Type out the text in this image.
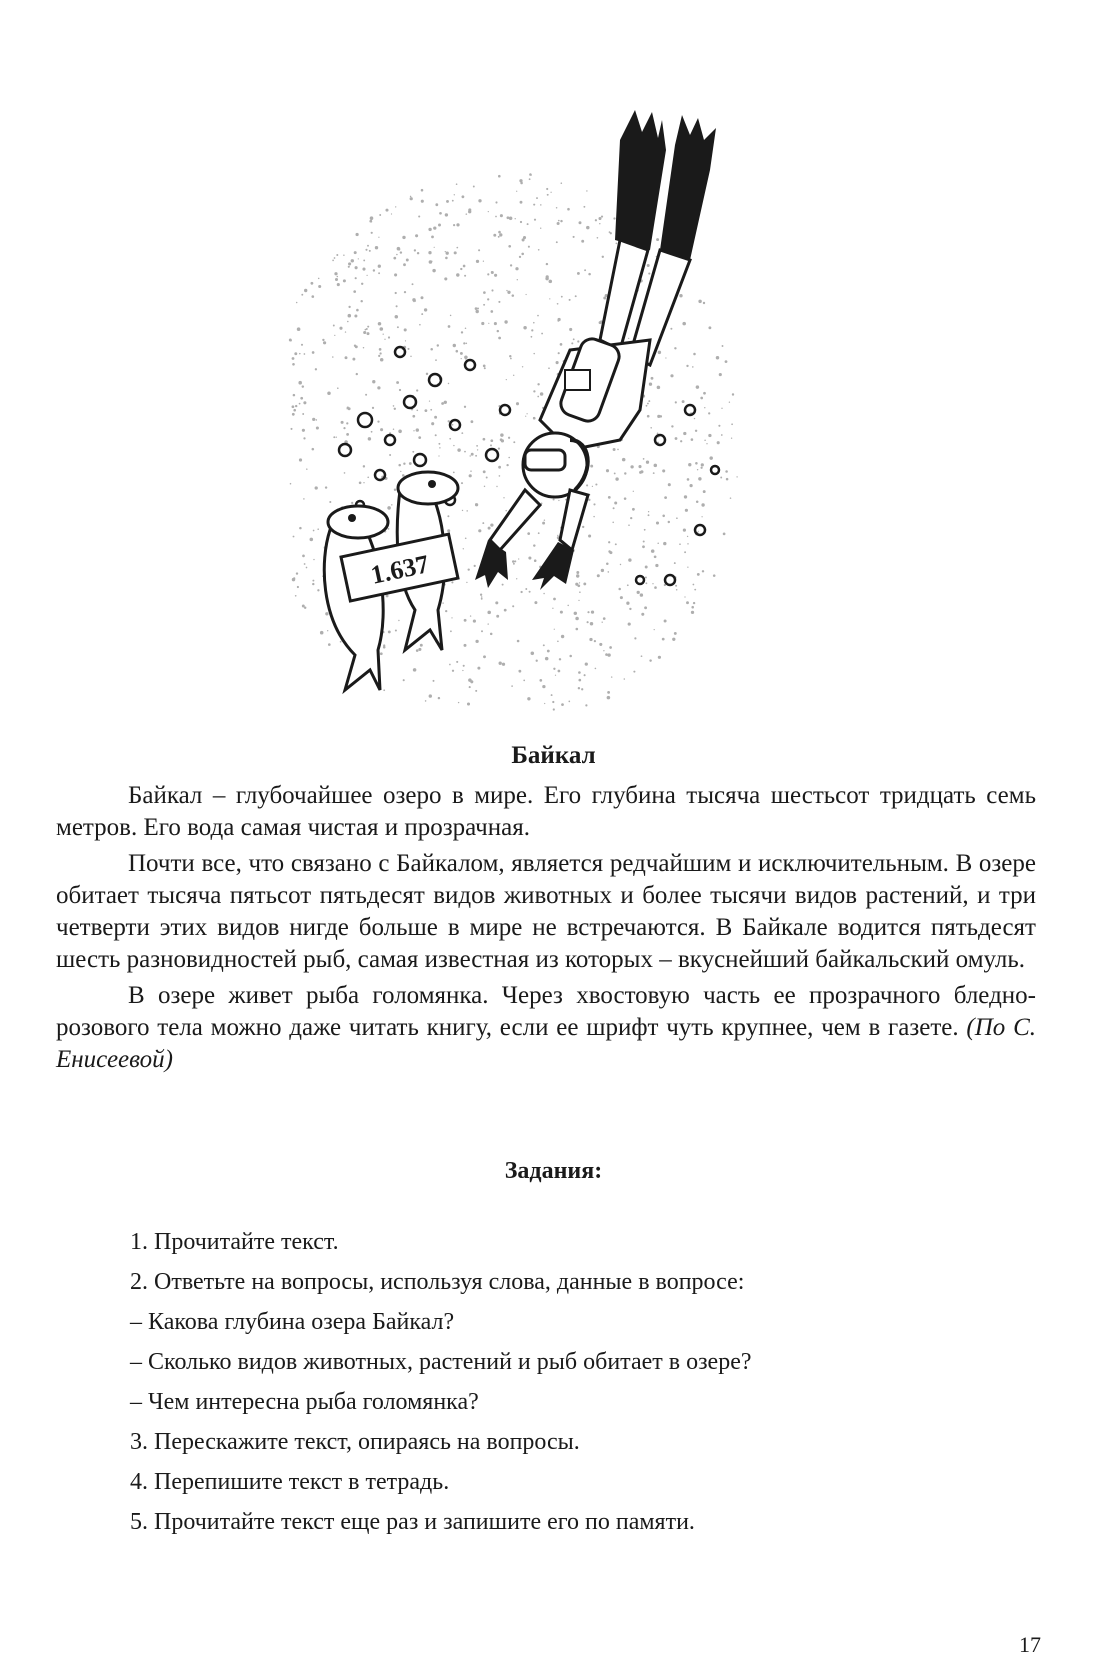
1.637
Байкал

Байкал – глубочайшее озеро в мире. Его глубина тысяча шестьсот тридцать семь метров. Его вода самая чистая и прозрачная.

Почти все, что связано с Байкалом, является редчайшим и исключительным. В озере обитает тысяча пятьсот пятьдесят видов животных и более тысячи видов растений, и три четверти этих видов нигде больше в мире не встречаются. В Байкале водится пятьдесят шесть разновидностей рыб, самая известная из которых – вкуснейший байкальский омуль.

В озере живет рыба голомянка. Через хвостовую часть ее прозрачного бледно-розового тела можно даже читать книгу, если ее шрифт чуть крупнее, чем в газете. (По С. Енисеевой)

Задания:
1. Прочитайте текст.
2. Ответьте на вопросы, используя слова, данные в вопросе:
– Какова глубина озера Байкал?
– Сколько видов животных, растений и рыб обитает в озере?
– Чем интересна рыба голомянка?
3. Перескажите текст, опираясь на вопросы.
4. Перепишите текст в тетрадь.
5. Прочитайте текст еще раз и запишите его по памяти.
17
